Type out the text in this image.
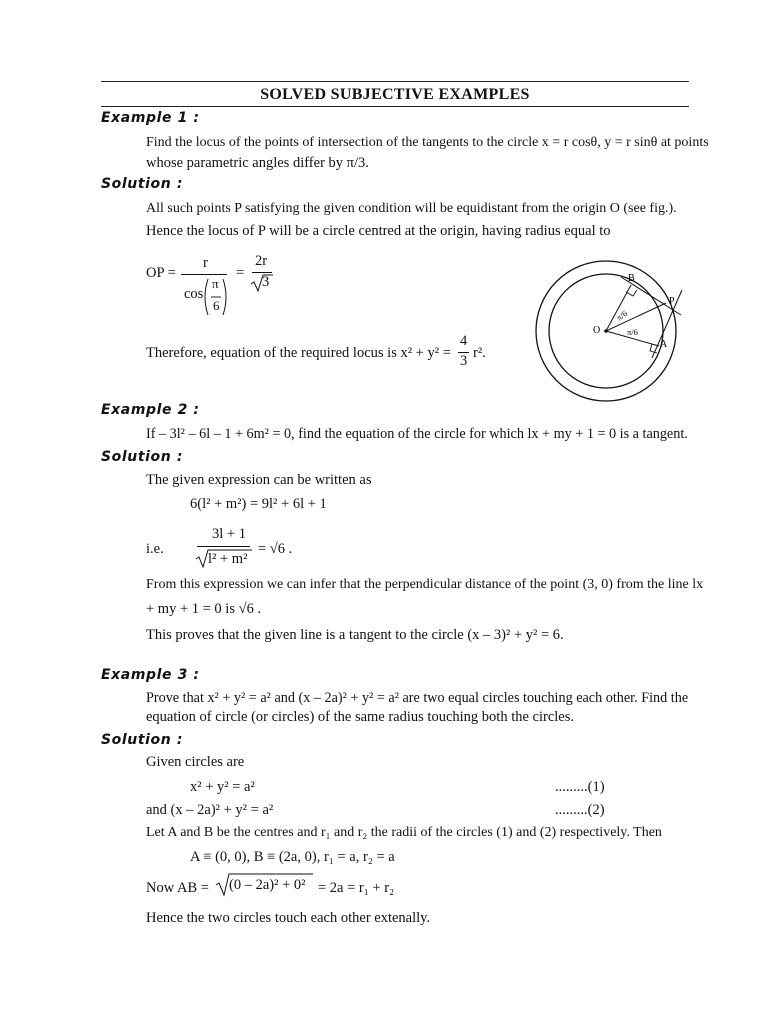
SOLVED SUBJECTIVE EXAMPLES
Example 1 :
Find the locus of the points of intersection of the tangents to the circle x = r cosθ, y = r sinθ at points
whose parametric angles differ by π/3.
Solution :
All such points P satisfying the given condition will be equidistant from the origin O (see fig.).
Hence the locus of P will be a circle centred at the origin, having radius equal to
OP =
r
cos
π
6
=
2r
3
Therefore, equation of the required locus is x² + y² =
4
3 r².
B
P
O
A
π/6
π/6
Example 2 :
If – 3l² – 6l – 1 + 6m² = 0, find the equation of the circle for which lx + my + 1 = 0 is a tangent.
Solution :
The given expression can be written as
6(l² + m²) = 9l² + 6l + 1
i.e.
3l + 1
l² + m²
= √6 .
From this expression we can infer that the perpendicular distance of the point (3, 0) from the line lx
+ my + 1 = 0 is √6 .
This proves that the given line is a tangent to the circle (x – 3)² + y² = 6.
Example 3 :
Prove that x² + y² = a² and (x – 2a)² + y² = a² are two equal circles touching each other. Find the
equation of circle (or circles) of the same radius touching both the circles.
Solution :
Given circles are
x² + y² = a²	.........(1)
and (x – 2a)² + y² = a²	.........(2)
Let A and B be the centres and r₁ and r₂ the radii of the circles (1) and (2) respectively. Then
A ≡ (0, 0), B ≡ (2a, 0), r₁ = a, r₂ = a
Now AB = (0 – 2a)² + 0² = 2a = r₁ + r₂
Hence the two circles touch each other extenally.
